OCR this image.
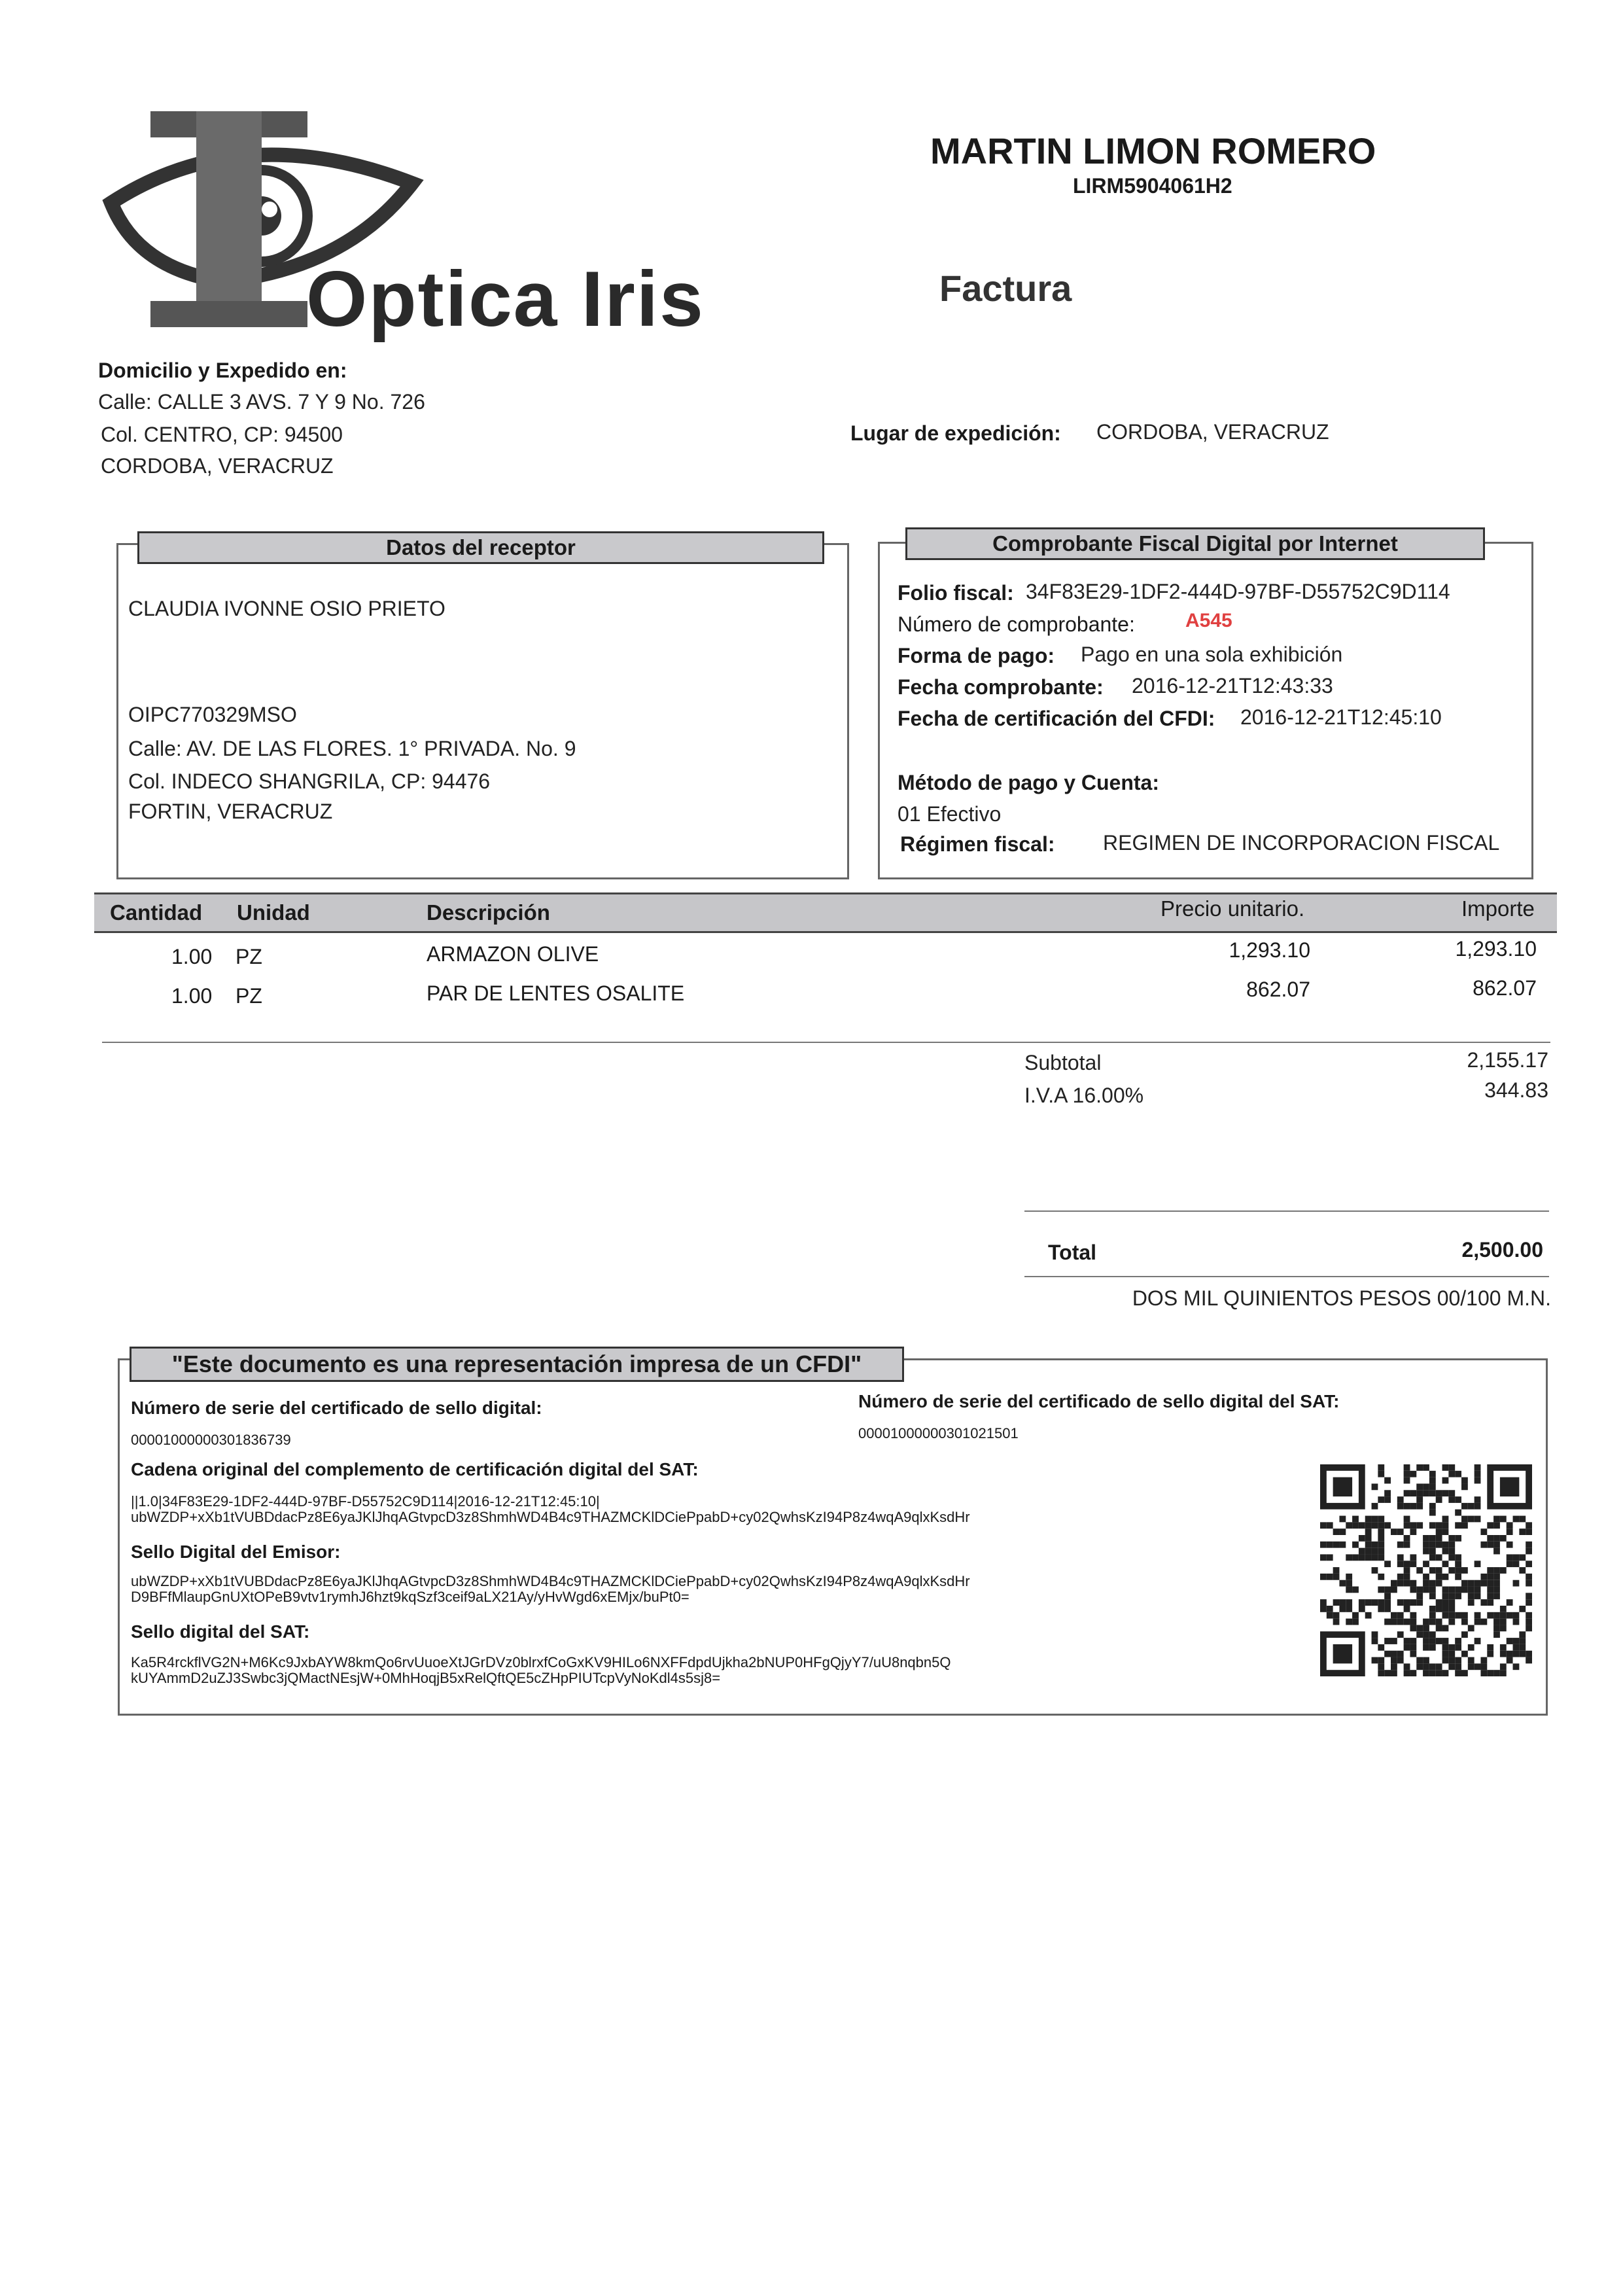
Optica Iris
MARTIN LIMON ROMERO
LIRM5904061H2
Factura
Domicilio y Expedido en:
Calle: CALLE 3 AVS. 7 Y 9 No. 726
Col. CENTRO, CP: 94500
CORDOBA, VERACRUZ
Lugar de expedición: CORDOBA, VERACRUZ
Datos del receptor
CLAUDIA IVONNE OSIO PRIETO
OIPC770329MSO
Calle: AV. DE LAS FLORES. 1° PRIVADA. No. 9
Col. INDECO SHANGRILA, CP: 94476
FORTIN, VERACRUZ
Comprobante Fiscal Digital por Internet
Folio fiscal: 34F83E29-1DF2-444D-97BF-D55752C9D114
Número de comprobante:	A545
Forma de pago: Pago en una sola exhibición
Fecha comprobante: 2016-12-21T12:43:33
Fecha de certificación del CFDI: 2016-12-21T12:45:10
Método de pago y Cuenta:
01 Efectivo
Régimen fiscal: REGIMEN DE INCORPORACION FISCAL
Cantidad Unidad	Descripción	Precio unitario.	Importe
1.00 PZ	ARMAZON OLIVE	1,293.10	1,293.10
1.00 PZ	PAR DE LENTES OSALITE	862.07	862.07
Subtotal	2,155.17
I.V.A 16.00%	344.83
Total	2,500.00
DOS MIL QUINIENTOS PESOS 00/100 M.N.
"Este documento es una representación impresa de un CFDI"
Número de serie del certificado de sello digital:
00001000000301836739
Número de serie del certificado de sello digital del SAT:
00001000000301021501
Cadena original del complemento de certificación digital del SAT:
||1.0|34F83E29-1DF2-444D-97BF-D55752C9D114|2016-12-21T12:45:10|
ubWZDP+xXb1tVUBDdacPz8E6yaJKlJhqAGtvpcD3z8ShmhWD4B4c9THAZMCKlDCiePpabD+cy02QwhsKzI94P8z4wqA9qlxKsdHr
Sello Digital del Emisor:
ubWZDP+xXb1tVUBDdacPz8E6yaJKlJhqAGtvpcD3z8ShmhWD4B4c9THAZMCKlDCiePpabD+cy02QwhsKzI94P8z4wqA9qlxKsdHr
D9BFfMlaupGnUXtOPeB9vtv1rymhJ6hzt9kqSzf3ceif9aLX21Ay/yHvWgd6xEMjx/buPt0=
Sello digital del SAT:
Ka5R4rckflVG2N+M6Kc9JxbAYW8kmQo6rvUuoeXtJGrDVz0blrxfCoGxKV9HILo6NXFFdpdUjkha2bNUP0HFgQjyY7/uU8nqbn5Q
kUYAmmD2uZJ3Swbc3jQMactNEsjW+0MhHoqjB5xRelQftQE5cZHpPIUTcpVyNoKdl4s5sj8=
